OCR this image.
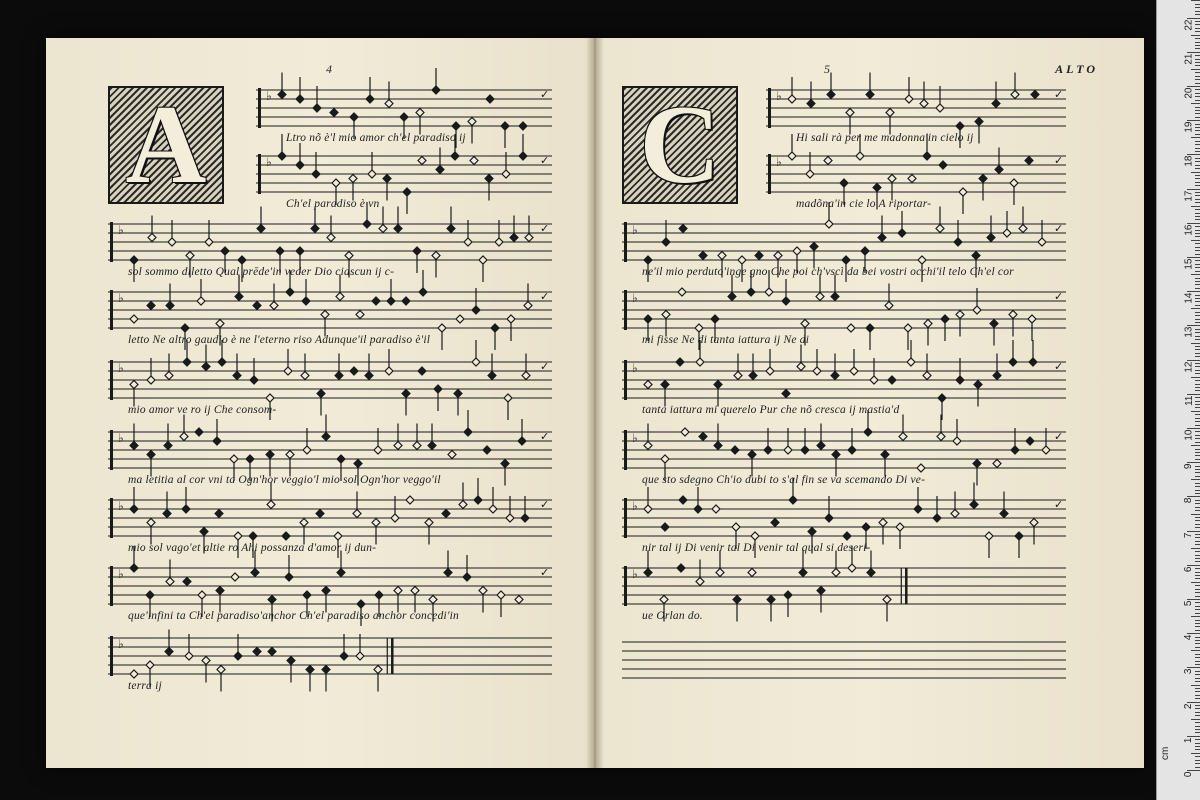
4
A	♭	✓
Ltro nõ è'l mio amor ch'el paradiso ij
♭	✓
Ch'el paradiso è vn
♭	✓
sol sommo diletto Qual prēde'in veder Dio ciascun ij c-
♭	✓
letto Ne altro gaudio è ne l'eterno riso Adunque'il paradiso è'il
♭	✓
mio amor ve ro ij Che consom-
♭	✓
ma letitia al cor vni ta Ogn'hor veggio'l mio sol Ogn'hor veggo'il
♭	✓
mio sol vago'et altie ro Ahi possanza d'amor ij dun-
♭	✓
que'infini ta Ch'el paradiso'anchor Ch'el paradiso anchor concedi'in
♭
terra ij
5	ALTO
C	♭	✓
Hi sali rà per me madonna'in cielo ij
♭	✓
madõna'in cie lo A riportar-
♭	✓
ne'il mio perduto'inge gno Che poi ch'vscì da bei vostri occhi'il telo Ch'el cor
♭	✓
mi fisse Ne di tanta iattura ij Ne di
♭	✓
tanta iattura mi querelo Pur che nõ cresca ij mastia'd
♭	✓
que sto sdegno Ch'io dubi to s'al fin se va scemando Di ve-
♭	✓
nir tal ij Di venir tal Di venir tal qual si deseri-
♭
ue Orlan do.
0
1
2
3
4
5
6
7
8
9
10
11
12
13
14
15
16
17
18
19
20
21
22
cm
